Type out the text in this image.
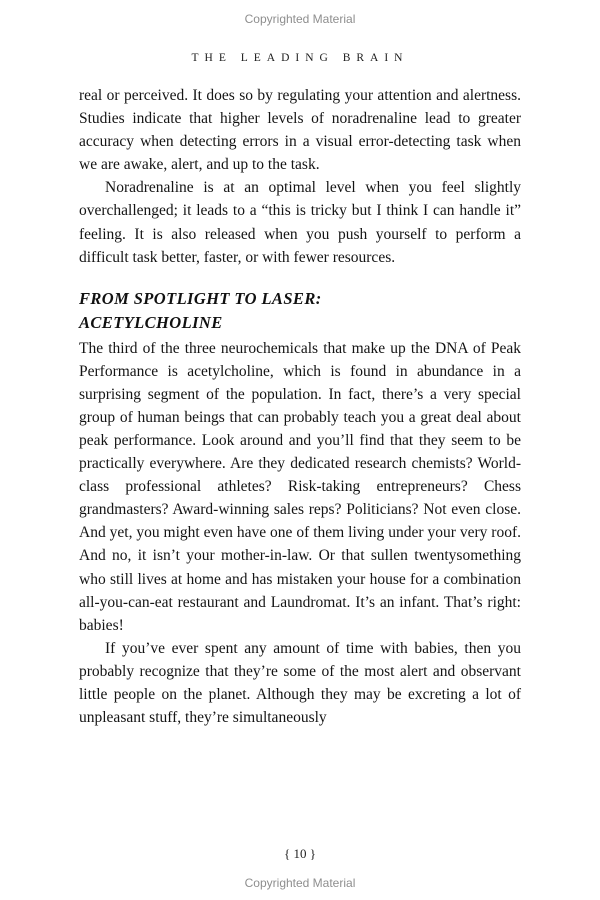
Copyrighted Material
THE LEADING BRAIN

real or perceived. It does so by regulating your attention and alertness. Studies indicate that higher levels of noradrenaline lead to greater accuracy when detecting errors in a visual error-detecting task when we are awake, alert, and up to the task.

Noradrenaline is at an optimal level when you feel slightly overchallenged; it leads to a “this is tricky but I think I can handle it” feeling. It is also released when you push yourself to perform a difficult task better, faster, or with fewer resources.

FROM SPOTLIGHT TO LASER:
ACETYLCHOLINE

The third of the three neurochemicals that make up the DNA of Peak Performance is acetylcholine, which is found in abundance in a surprising segment of the population. In fact, there’s a very special group of human beings that can probably teach you a great deal about peak performance. Look around and you’ll find that they seem to be practically everywhere. Are they dedicated research chemists? World-class professional athletes? Risk-taking entrepreneurs? Chess grandmasters? Award-winning sales reps? Politicians? Not even close. And yet, you might even have one of them living under your very roof. And no, it isn’t your mother-in-law. Or that sullen twentysomething who still lives at home and has mistaken your house for a combination all-you-can-eat restaurant and Laundromat. It’s an infant. That’s right: babies!

If you’ve ever spent any amount of time with babies, then you probably recognize that they’re some of the most alert and observant little people on the planet. Although they may be excreting a lot of unpleasant stuff, they’re simultaneously

{ 10 }
Copyrighted Material
